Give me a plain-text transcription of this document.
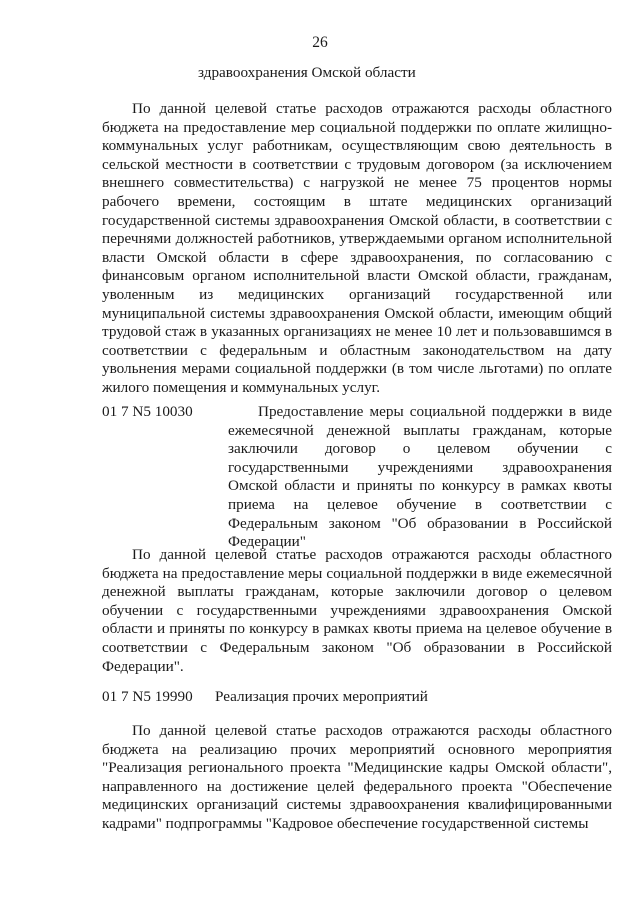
26
здравоохранения Омской области

По данной целевой статье расходов отражаются расходы областного бюджета на предоставление мер социальной поддержки по оплате жилищно-коммунальных услуг работникам, осуществляющим свою деятельность в сельской местности в соответствии с трудовым договором (за исключением внешнего совместительства) с нагрузкой не менее 75 процентов нормы рабочего времени, состоящим в штате медицинских организаций государственной системы здравоохранения Омской области, в соответствии с перечнями должностей работников, утверждаемыми органом исполнительной власти Омской области в сфере здравоохранения, по согласованию с финансовым органом исполнительной власти Омской области, гражданам, уволенным из медицинских организаций государственной или муниципальной системы здравоохранения Омской области, имеющим общий трудовой стаж в указанных организациях не менее 10 лет и пользовавшимся в соответствии с федеральным и областным законодательством на дату увольнения мерами социальной поддержки (в том числе льготами) по оплате жилого помещения и коммунальных услуг.

01 7 N5 10030	Предоставление меры социальной поддержки в виде ежемесячной денежной выплаты гражданам, которые заключили договор о целевом обучении с государственными учреждениями здравоохранения Омской области и приняты по конкурсу в рамках квоты приема на целевое обучение в соответствии с Федеральным законом "Об образовании в Российской Федерации"

По данной целевой статье расходов отражаются расходы областного бюджета на предоставление меры социальной поддержки в виде ежемесячной денежной выплаты гражданам, которые заключили договор о целевом обучении с государственными учреждениями здравоохранения Омской области и приняты по конкурсу в рамках квоты приема на целевое обучение в соответствии с Федеральным законом "Об образовании в Российской Федерации".

01 7 N5 19990 Реализация прочих мероприятий

По данной целевой статье расходов отражаются расходы областного бюджета на реализацию прочих мероприятий основного мероприятия "Реализация регионального проекта "Медицинские кадры Омской области", направленного на достижение целей федерального проекта "Обеспечение медицинских организаций системы здравоохранения квалифицированными кадрами" подпрограммы "Кадровое обеспечение государственной системы
